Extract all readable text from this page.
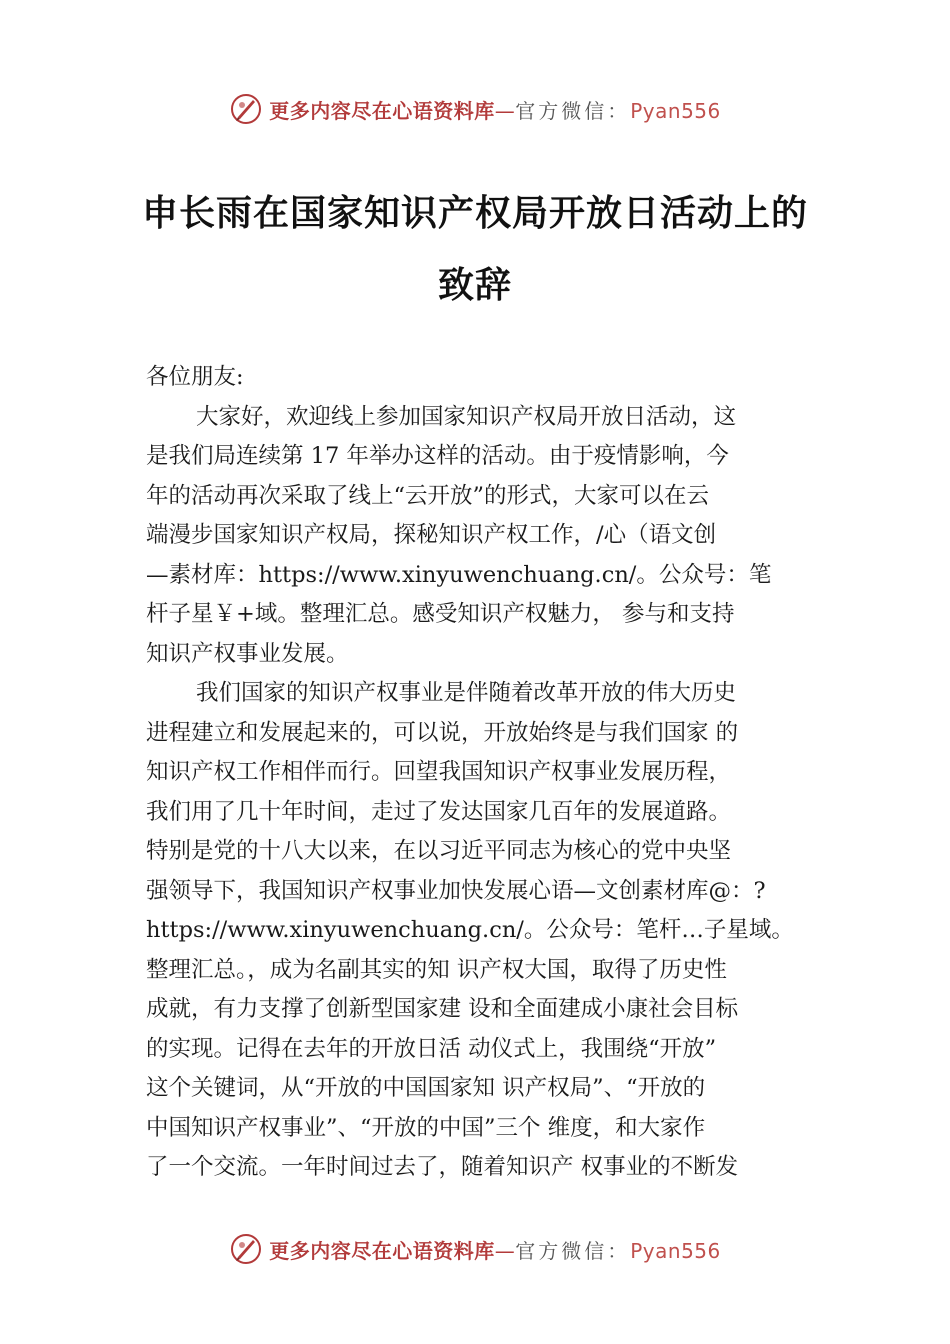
更多内容尽在心语资料库—官方微信：Pyan556
申长雨在国家知识产权局开放日活动上的
致辞
各位朋友:
大家好，欢迎线上参加国家知识产权局开放日活动，这
是我们局连续第 17 年举办这样的活动。由于疫情影响，今
年的活动再次采取了线上“云开放”的形式，大家可以在云
端漫步国家知识产权局，探秘知识产权工作，/心（语文创
—素材库：https://www.xinyuwenchuang.cn/。公众号：笔
杆子星￥+域。整理汇总。感受知识产权魅力， 参与和支持
知识产权事业发展。
我们国家的知识产权事业是伴随着改革开放的伟大历史
进程建立和发展起来的，可以说，开放始终是与我们国家 的
知识产权工作相伴而行。回望我国知识产权事业发展历程，
我们用了几十年时间，走过了发达国家几百年的发展道路。
特别是党的十八大以来，在以习近平同志为核心的党中央坚
强领导下，我国知识产权事业加快发展心语—文创素材库@：?
https://www.xinyuwenchuang.cn/。公众号：笔杆…子星域。
整理汇总。，成为名副其实的知 识产权大国，取得了历史性
成就，有力支撑了创新型国家建 设和全面建成小康社会目标
的实现。记得在去年的开放日活 动仪式上，我围绕“开放”
这个关键词，从“开放的中国国家知 识产权局”、“开放的
中国知识产权事业”、“开放的中国”三个 维度，和大家作
了一个交流。一年时间过去了，随着知识产 权事业的不断发
更多内容尽在心语资料库—官方微信：Pyan556
